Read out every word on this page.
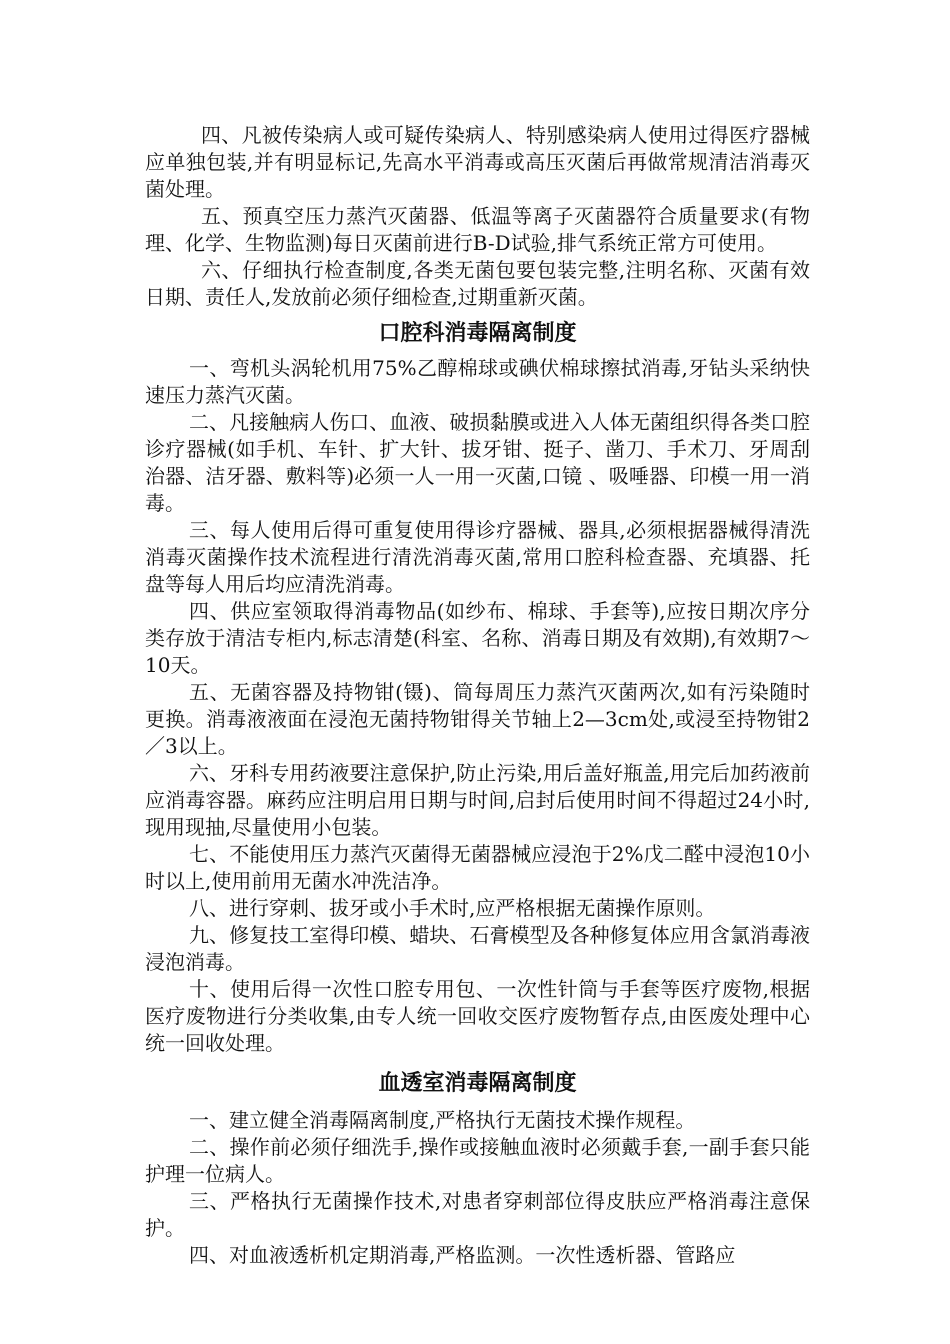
四、凡被传染病人或可疑传染病人、特别感染病人使用过得医疗器械应单独包装,并有明显标记,先高水平消毒或高压灭菌后再做常规清洁消毒灭菌处理。

五、预真空压力蒸汽灭菌器、低温等离子灭菌器符合质量要求(有物理、化学、生物监测)每日灭菌前进行B-D试验,排气系统正常方可使用。

六、仔细执行检查制度,各类无菌包要包装完整,注明名称、灭菌有效日期、责任人,发放前必须仔细检查,过期重新灭菌。

口腔科消毒隔离制度

一、弯机头涡轮机用75%乙醇棉球或碘伏棉球擦拭消毒,牙钻头采纳快速压力蒸汽灭菌。

二、凡接触病人伤口、血液、破损黏膜或进入人体无菌组织得各类口腔诊疗器械(如手机、车针、扩大针、拔牙钳、挺子、凿刀、手术刀、牙周刮治器、洁牙器、敷料等)必须一人一用一灭菌,口镜 、吸唾器、印模一用一消毒。

三、每人使用后得可重复使用得诊疗器械、器具,必须根据器械得清洗消毒灭菌操作技术流程进行清洗消毒灭菌,常用口腔科检查器、充填器、托盘等每人用后均应清洗消毒。

四、供应室领取得消毒物品(如纱布、棉球、手套等),应按日期次序分类存放于清洁专柜内,标志清楚(科室、名称、消毒日期及有效期),有效期7～10天。

五、无菌容器及持物钳(镊)、筒每周压力蒸汽灭菌两次,如有污染随时更换。消毒液液面在浸泡无菌持物钳得关节轴上2—3cm处,或浸至持物钳2／3以上。

六、牙科专用药液要注意保护,防止污染,用后盖好瓶盖,用完后加药液前应消毒容器。麻药应注明启用日期与时间,启封后使用时间不得超过24小时,现用现抽,尽量使用小包装。

七、不能使用压力蒸汽灭菌得无菌器械应浸泡于2%戊二醛中浸泡10小时以上,使用前用无菌水冲洗洁净。

八、进行穿刺、拔牙或小手术时,应严格根据无菌操作原则。

九、修复技工室得印模、蜡块、石膏模型及各种修复体应用含氯消毒液浸泡消毒。

十、使用后得一次性口腔专用包、一次性针筒与手套等医疗废物,根据医疗废物进行分类收集,由专人统一回收交医疗废物暂存点,由医废处理中心统一回收处理。

血透室消毒隔离制度

一、建立健全消毒隔离制度,严格执行无菌技术操作规程。

二、操作前必须仔细洗手,操作或接触血液时必须戴手套,一副手套只能护理一位病人。

三、严格执行无菌操作技术,对患者穿刺部位得皮肤应严格消毒注意保护。

四、对血液透析机定期消毒,严格监测。一次性透析器、管路应
